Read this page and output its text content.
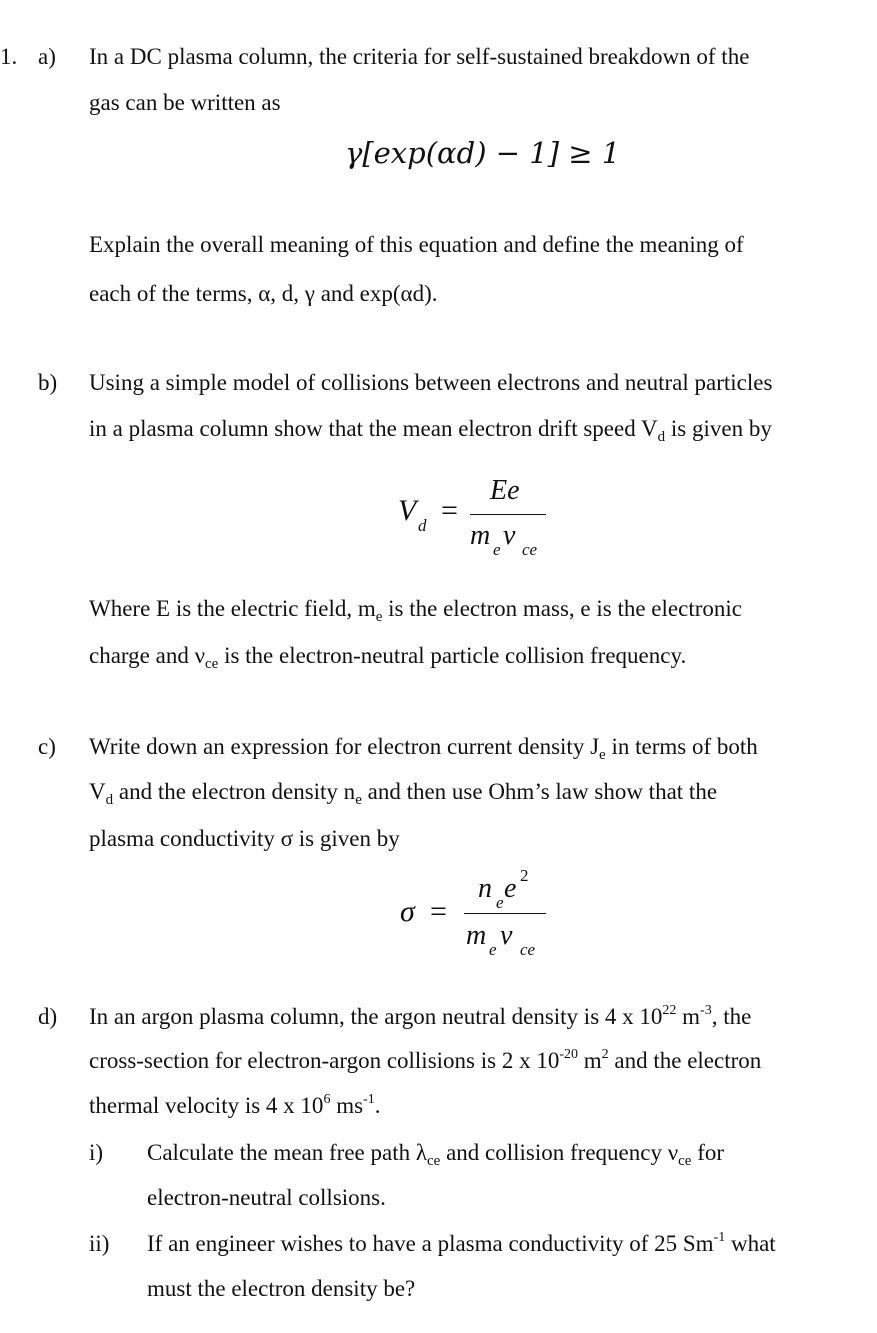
1. a) In a DC plasma column, the criteria for self-sustained breakdown of the
gas can be written as
γ[exp(αd) − 1] ≥ 1
Explain the overall meaning of this equation and define the meaning of
each of the terms, α, d, γ and exp(αd).
b) Using a simple model of collisions between electrons and neutral particles
in a plasma column show that the mean electron drift speed $V_d$ is given by
V d =
Ee
m e ν ce
Where E is the electric field, $m_e$ is the electron mass, e is the electronic
charge and $\nu_{ce}$ is the electron-neutral particle collision frequency.
c) Write down an expression for electron current density $J_e$ in terms of both
$V_d$ and the electron density $n_e$ and then use Ohm’s law show that the
plasma conductivity σ is given by
σ =
n e e 2
m e ν ce
d) In an argon plasma column, the argon neutral density is 4 x $10^{22}$ $m^{-3}$, the
cross-section for electron-argon collisions is 2 x $10^{-20}$ $m^2$ and the electron
thermal velocity is 4 x $10^6$ $ms^{-1}$.
i) Calculate the mean free path $\lambda_{ce}$ and collision frequency $\nu_{ce}$ for
electron-neutral collsions.
ii) If an engineer wishes to have a plasma conductivity of 25 $Sm^{-1}$ what
must the electron density be?
